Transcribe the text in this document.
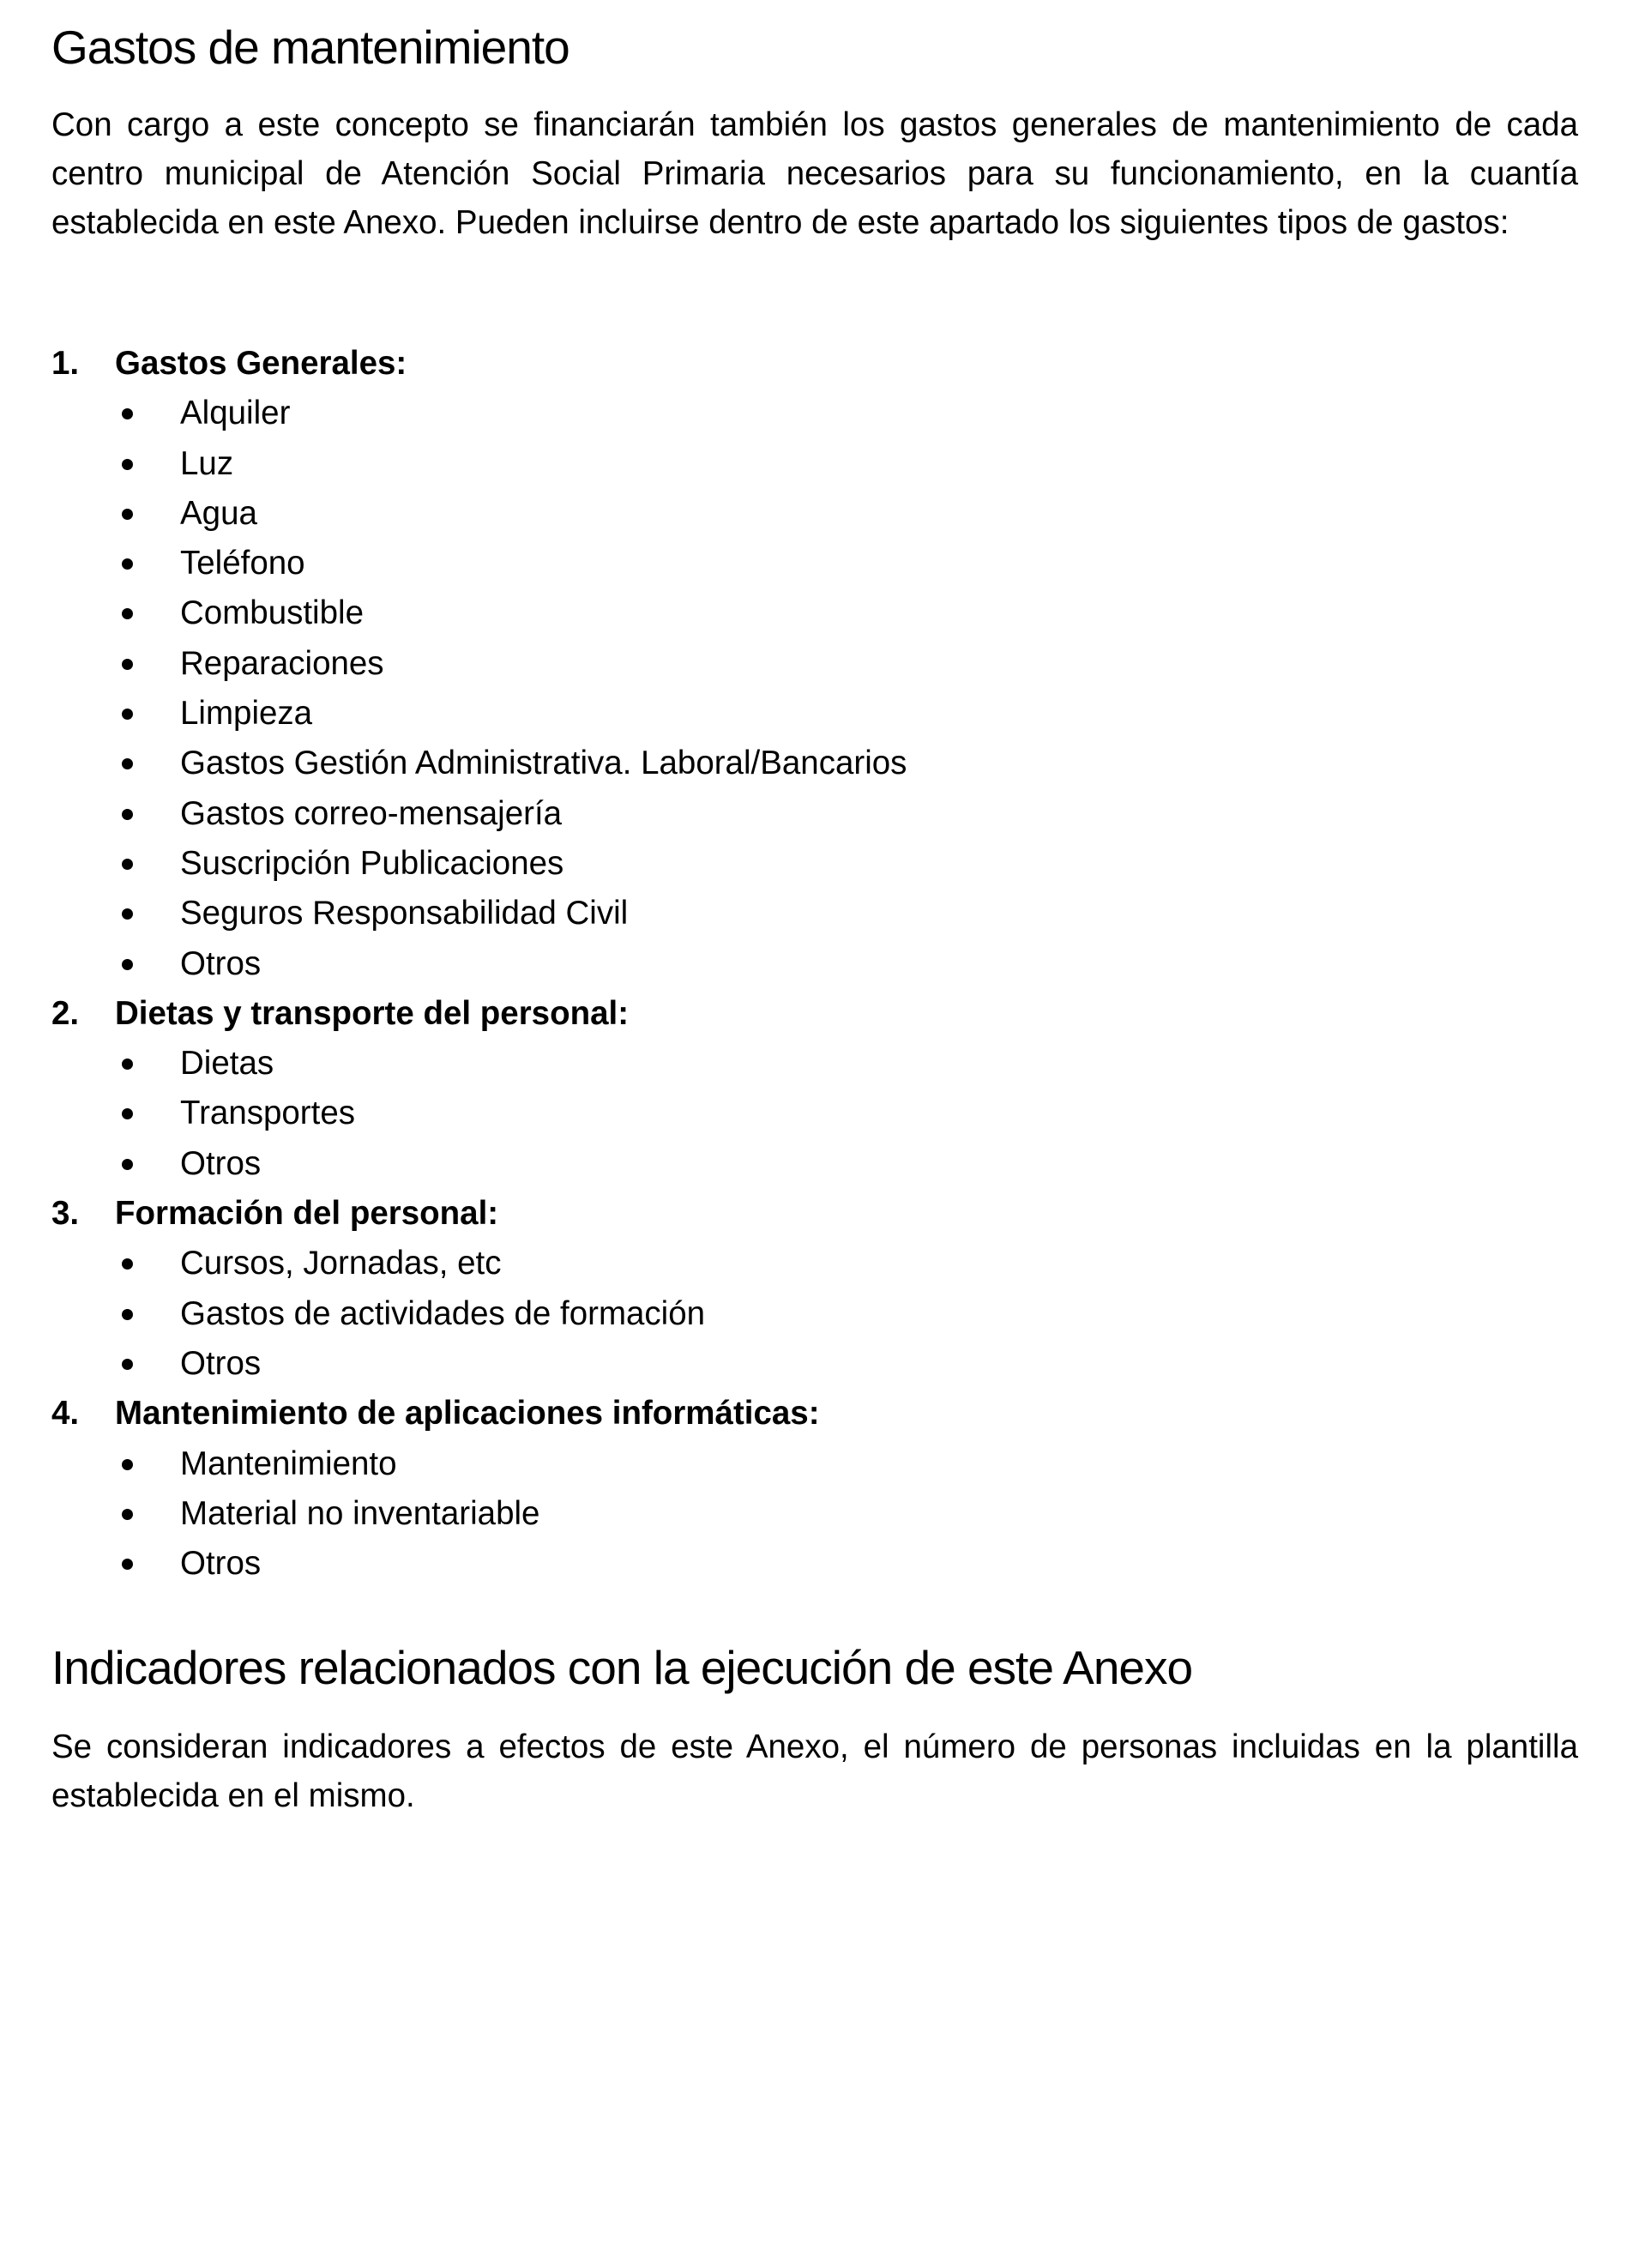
Gastos de mantenimiento
Con cargo a este concepto se financiarán también los gastos generales de mantenimiento de cada centro municipal de Atención Social Primaria necesarios para su funcionamiento, en la cuantía establecida en este Anexo. Pueden incluirse dentro de este apartado los siguientes tipos de gastos:
1. Gastos Generales:
Alquiler
Luz
Agua
Teléfono
Combustible
Reparaciones
Limpieza
Gastos Gestión Administrativa. Laboral/Bancarios
Gastos correo-mensajería
Suscripción Publicaciones
Seguros Responsabilidad Civil
Otros
2. Dietas y transporte del personal:
Dietas
Transportes
Otros
3. Formación del personal:
Cursos, Jornadas, etc
Gastos de actividades de formación
Otros
4. Mantenimiento de aplicaciones informáticas:
Mantenimiento
Material no inventariable
Otros
Indicadores relacionados con la ejecución de este Anexo
Se consideran indicadores a efectos de este Anexo, el número de personas incluidas en la plantilla establecida en el mismo.
